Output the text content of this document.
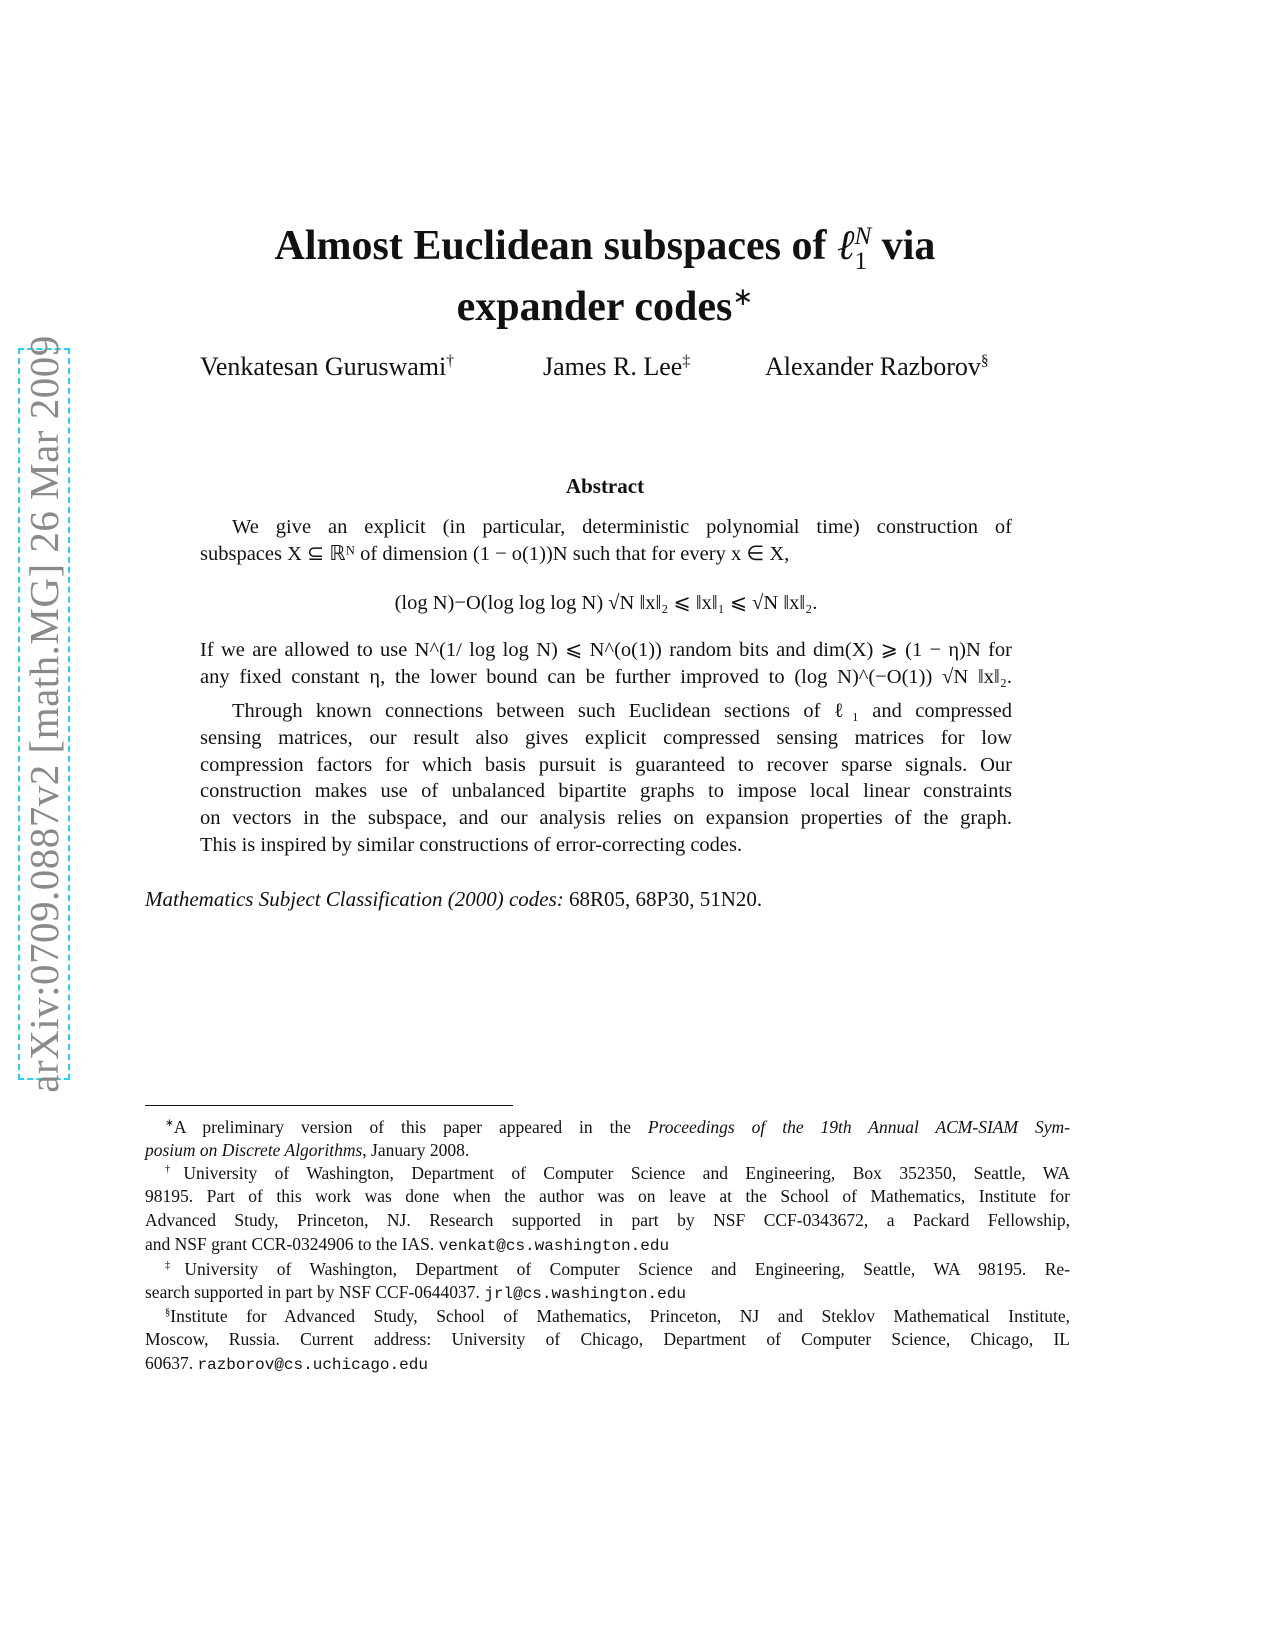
arXiv:0709.0887v2 [math.MG] 26 Mar 2009
Almost Euclidean subspaces of ℓ N
1 via
expander codes∗
Venkatesan Guruswami†	James R. Lee‡	Alexander Razborov§
Abstract
We give an explicit (in particular, deterministic polynomial time) construction of
subspaces X ⊆ ℝᴺ of dimension (1 − o(1))N such that for every x ∈ X,
(log N)−O(log log log N) √N ‖x‖₂ ⩽ ‖x‖₁ ⩽ √N ‖x‖₂.
If we are allowed to use N^(1/ log log N) ⩽ N^(o(1)) random bits and dim(X) ⩾ (1 − η)N for
any fixed constant η, the lower bound can be further improved to (log N)^(−O(1)) √N ‖x‖₂.
Through known connections between such Euclidean sections of ℓ₁ and compressed
sensing matrices, our result also gives explicit compressed sensing matrices for low
compression factors for which basis pursuit is guaranteed to recover sparse signals. Our
construction makes use of unbalanced bipartite graphs to impose local linear constraints
on vectors in the subspace, and our analysis relies on expansion properties of the graph.
This is inspired by similar constructions of error-correcting codes.
Mathematics Subject Classification (2000) codes: 68R05, 68P30, 51N20.
∗A preliminary version of this paper appeared in the Proceedings of the 19th Annual ACM-SIAM Sym-
posium on Discrete Algorithms, January 2008.
†University of Washington, Department of Computer Science and Engineering, Box 352350, Seattle, WA
98195. Part of this work was done when the author was on leave at the School of Mathematics, Institute for
Advanced Study, Princeton, NJ. Research supported in part by NSF CCF-0343672, a Packard Fellowship,
and NSF grant CCR-0324906 to the IAS. venkat@cs.washington.edu
‡University of Washington, Department of Computer Science and Engineering, Seattle, WA 98195. Re-
search supported in part by NSF CCF-0644037. jrl@cs.washington.edu
§Institute for Advanced Study, School of Mathematics, Princeton, NJ and Steklov Mathematical Institute,
Moscow, Russia. Current address: University of Chicago, Department of Computer Science, Chicago, IL
60637. razborov@cs.uchicago.edu
